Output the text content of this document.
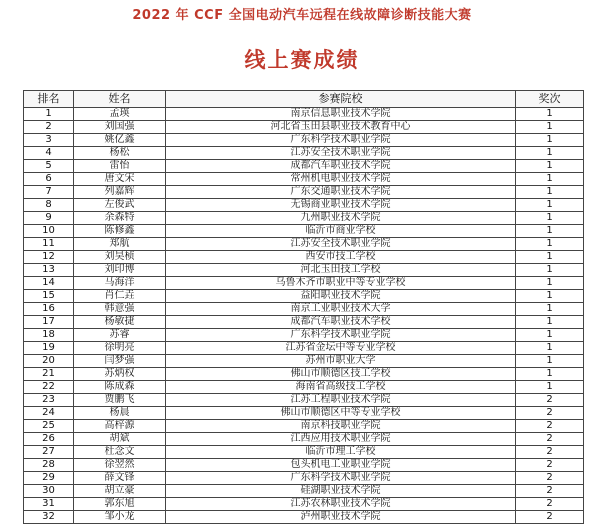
2022 年 CCF 全国电动汽车远程在线故障诊断技能大赛
线上赛成绩
排名	姓名	参赛院校	奖次
1	孟瑛	南京信息职业技术学院	1
2	刘国强	河北省玉田县职业技术教育中心	1
3	姚亿鑫	广东科学技术职业学院	1
4	杨松	江苏安全技术职业学院	1
5	雷怡	成都汽车职业技术学院	1
6	唐文宋	常州机电职业技术学院	1
7	列嘉辉	广东交通职业技术学院	1
8	左俊武	无锡商业职业技术学院	1
9	余森特	九州职业技术学院	1
10	陈修鑫	临沂市商业学校	1
11	郑航	江苏安全技术职业学院	1
12	刘昊桢	西安市技工学校	1
13	刘印博	河北玉田技工学校	1
14	马海洋	乌鲁木齐市职业中等专业学校	1
15	肖仁垚	益阳职业技术学院	1
16	韩意强	南京工业职业技术大学	1
17	杨敏捷	成都汽车职业技术学校	1
18	苏睿	广东科学技术职业学院	1
19	徐明亮	江苏省金坛中等专业学校	1
20	闫梦强	苏州市职业大学	1
21	苏炳权	佛山市顺德区技工学校	1
22	陈成森	海南省高级技工学校	1
23	贾鹏飞	江苏工程职业技术学院	2
24	杨晨	佛山市顺德区中等专业学校	2
25	高梓源	南京科技职业学院	2
26	胡斌	江西应用技术职业学院	2
27	杜念文	临沂市理工学校	2
28	徐翌然	包头机电工业职业学院	2
29	薛文锋	广东科学技术职业学院	2
30	胡立豪	硅湖职业技术学院	2
31	郭东旭	江苏农林职业技术学院	2
32	邹小龙	泸州职业技术学院	2
